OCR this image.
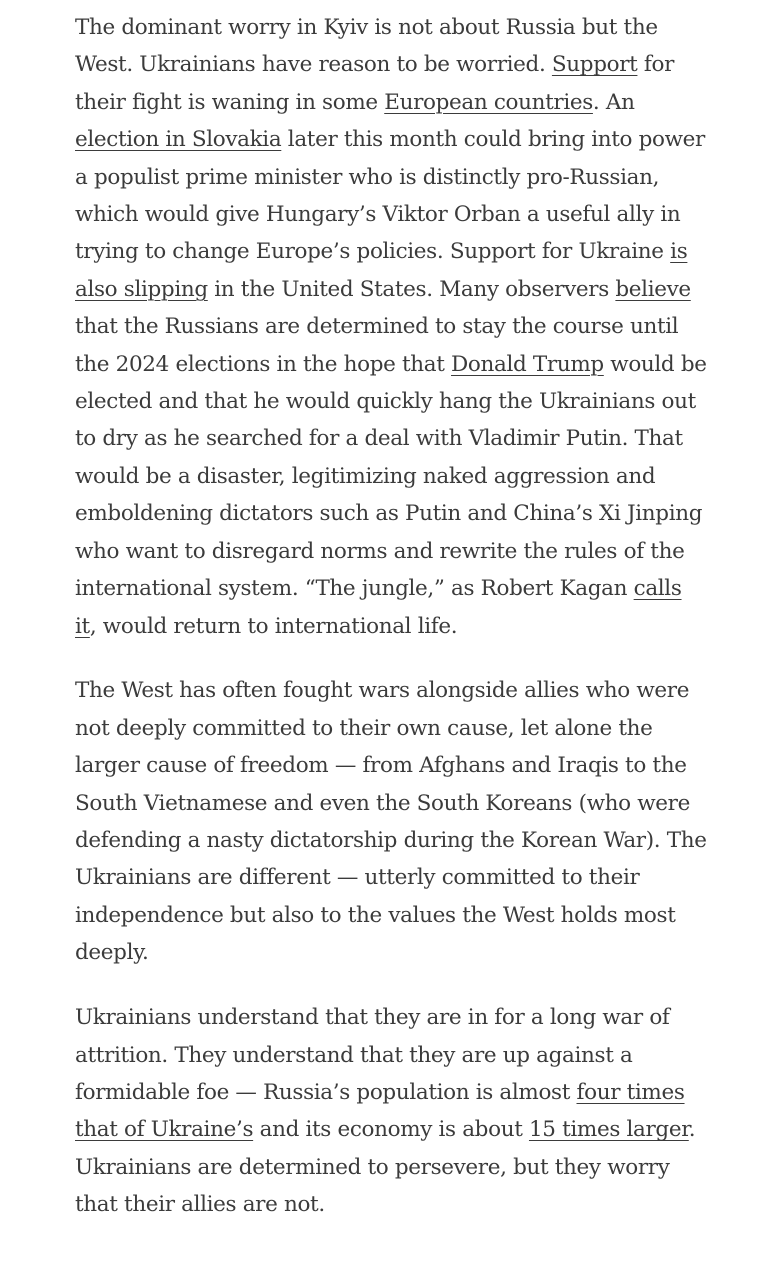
The dominant worry in Kyiv is not about Russia but the West. Ukrainians have reason to be worried. Support for their fight is waning in some European countries. An election in Slovakia later this month could bring into power a populist prime minister who is distinctly pro-Russian, which would give Hungary’s Viktor Orban a useful ally in trying to change Europe’s policies. Support for Ukraine is also slipping in the United States. Many observers believe that the Russians are determined to stay the course until the 2024 elections in the hope that Donald Trump would be elected and that he would quickly hang the Ukrainians out to dry as he searched for a deal with Vladimir Putin. That would be a disaster, legitimizing naked aggression and emboldening dictators such as Putin and China’s Xi Jinping who want to disregard norms and rewrite the rules of the international system. “The jungle,” as Robert Kagan calls it, would return to international life.

The West has often fought wars alongside allies who were not deeply committed to their own cause, let alone the larger cause of freedom — from Afghans and Iraqis to the South Vietnamese and even the South Koreans (who were defending a nasty dictatorship during the Korean War). The Ukrainians are different — utterly committed to their independence but also to the values the West holds most deeply.

Ukrainians understand that they are in for a long war of attrition. They understand that they are up against a formidable foe — Russia’s population is almost four times that of Ukraine’s and its economy is about 15 times larger. Ukrainians are determined to persevere, but they worry that their allies are not.
